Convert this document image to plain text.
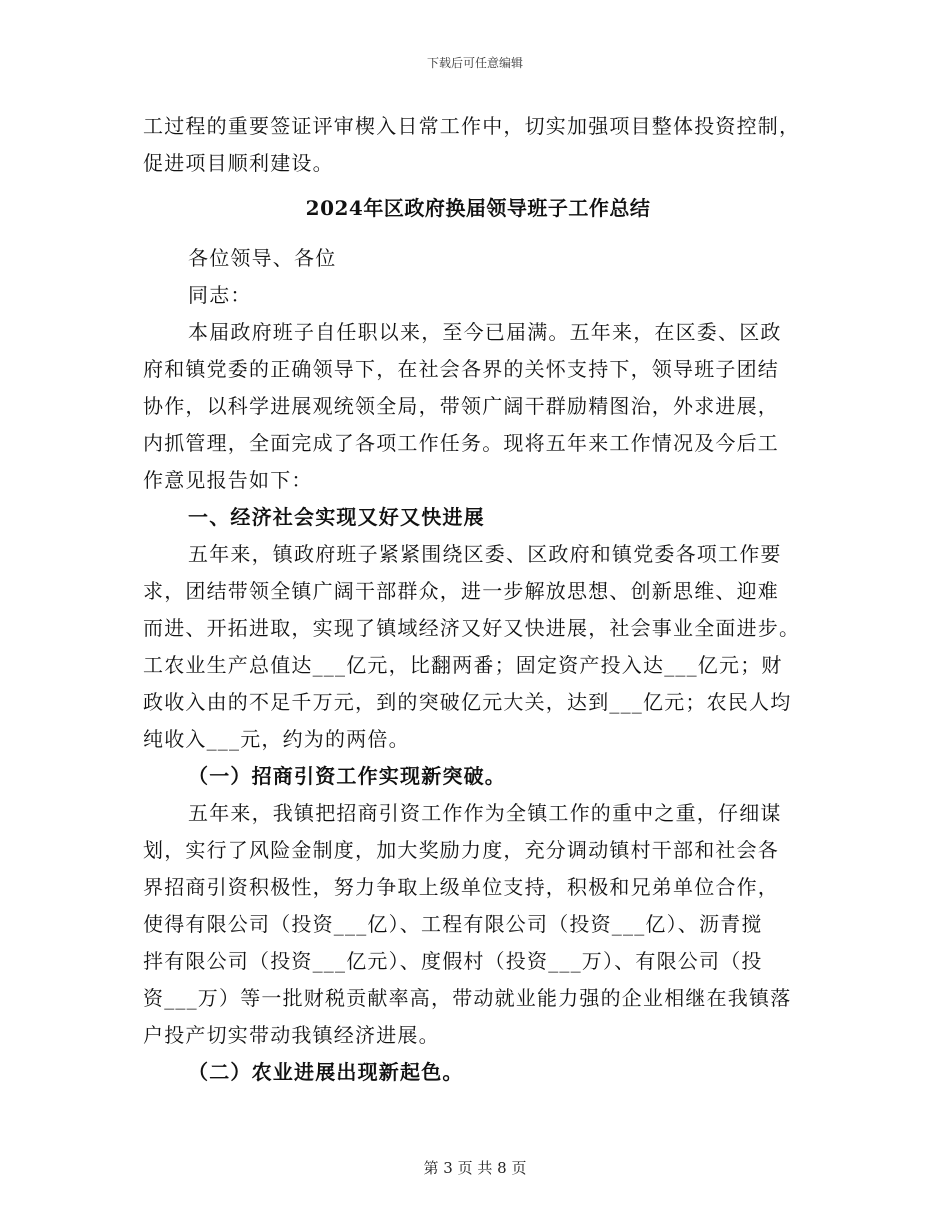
下载后可任意编辑
工过程的重要签证评审楔入日常工作中，切实加强项目整体投资控制，
促进项目顺利建设。
2024年区政府换届领导班子工作总结
各位领导、各位
同志：
本届政府班子自任职以来，至今已届满。五年来，在区委、区政
府和镇党委的正确领导下，在社会各界的关怀支持下，领导班子团结
协作，以科学进展观统领全局，带领广阔干群励精图治，外求进展，
内抓管理，全面完成了各项工作任务。现将五年来工作情况及今后工
作意见报告如下：
一、经济社会实现又好又快进展
五年来，镇政府班子紧紧围绕区委、区政府和镇党委各项工作要
求，团结带领全镇广阔干部群众，进一步解放思想、创新思维、迎难
而进、开拓进取，实现了镇域经济又好又快进展，社会事业全面进步。
工农业生产总值达___亿元，比翻两番；固定资产投入达___亿元；财
政收入由的不足千万元，到的突破亿元大关，达到___亿元；农民人均
纯收入___元，约为的两倍。
（一）招商引资工作实现新突破。
五年来，我镇把招商引资工作作为全镇工作的重中之重，仔细谋
划，实行了风险金制度，加大奖励力度，充分调动镇村干部和社会各
界招商引资积极性，努力争取上级单位支持，积极和兄弟单位合作，
使得有限公司（投资___亿）、工程有限公司（投资___亿）、沥青搅
拌有限公司（投资___亿元）、度假村（投资___万）、有限公司（投
资___万）等一批财税贡献率高，带动就业能力强的企业相继在我镇落
户投产切实带动我镇经济进展。
（二）农业进展出现新起色。
第 3 页 共 8 页
